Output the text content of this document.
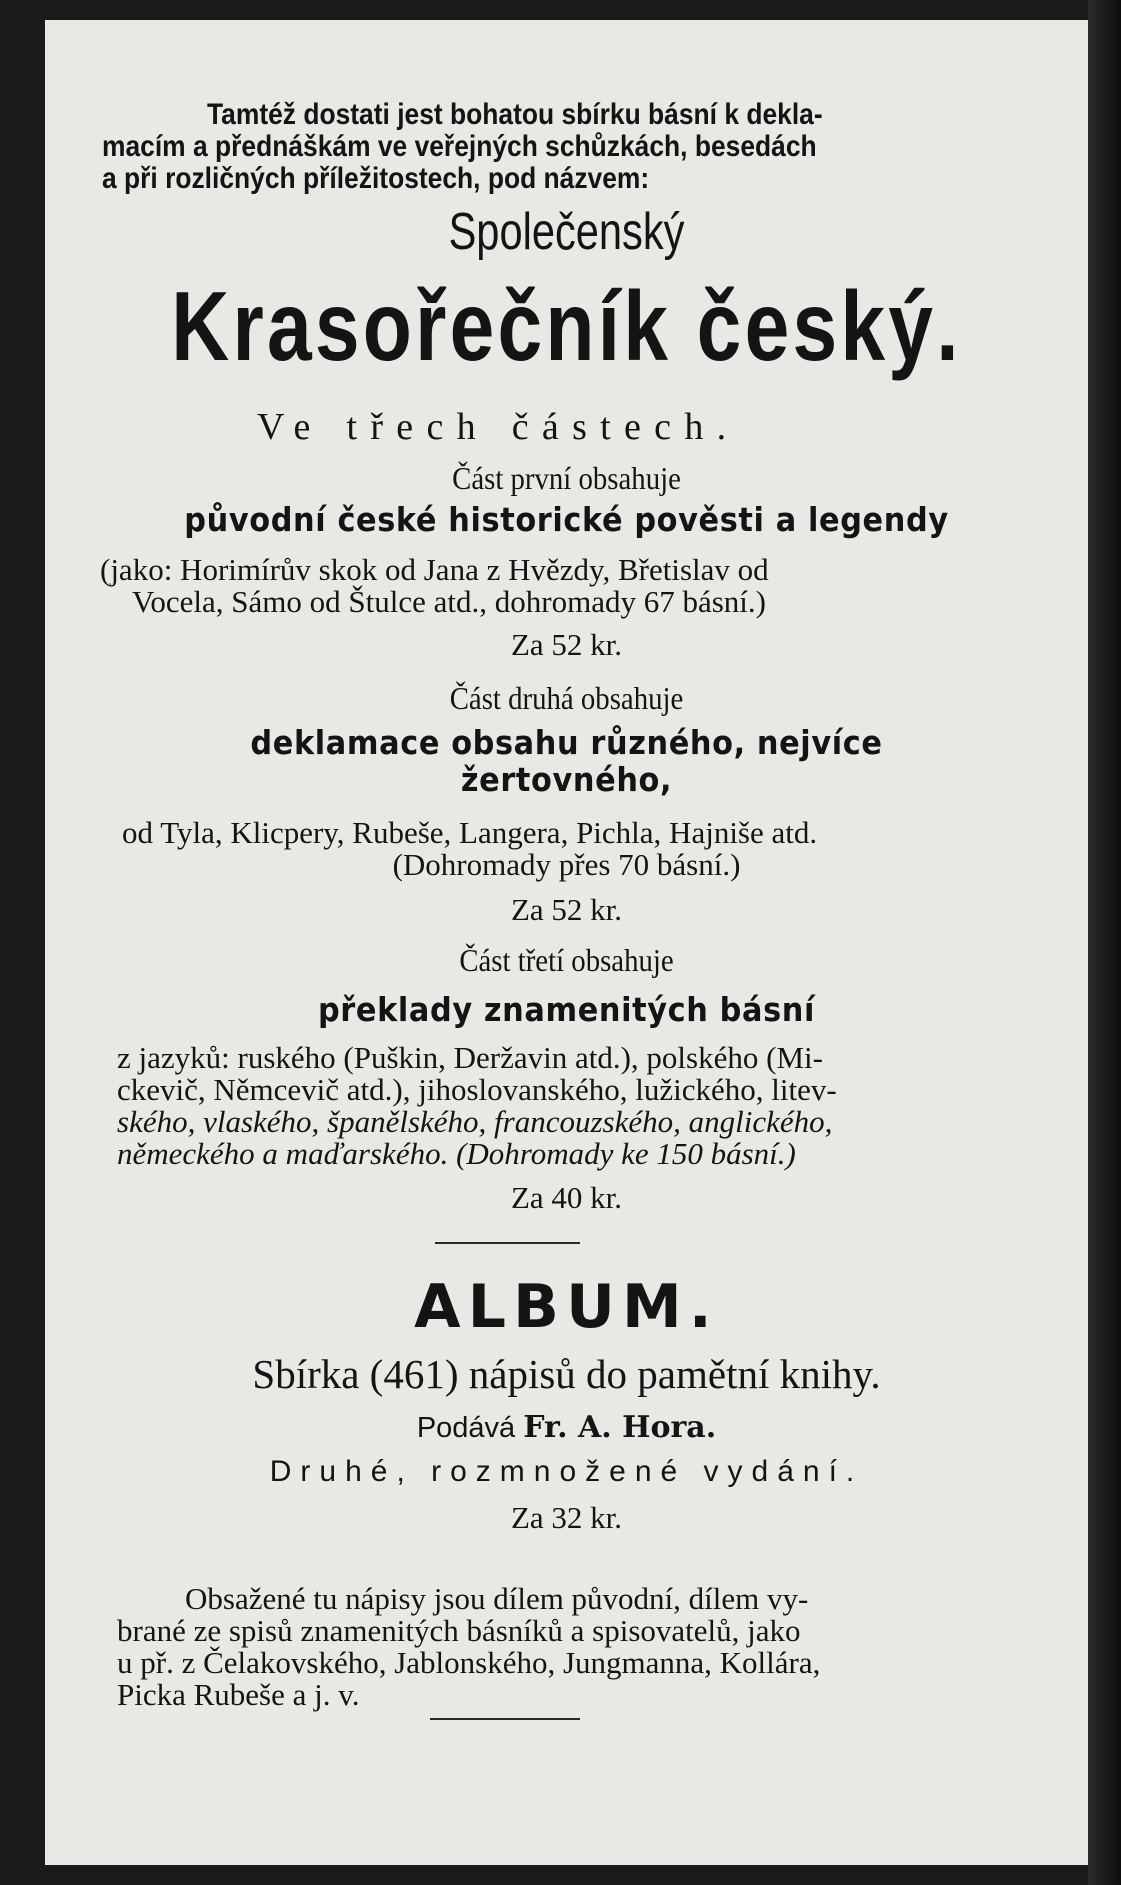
Tamtéž dostati jest bohatou sbírku básní k dekla-

macím a přednáškám ve veřejných schůzkách, besedách

a při rozličných příležitostech, pod názvem:

Společenský

Krasořečník český.

Ve třech částech.

Část první obsahuje

původní české historické pověsti a legendy

(jako: Horimírův skok od Jana z Hvězdy, Břetislav od

Vocela, Sámo od Štulce atd., dohromady 67 básní.)

Za 52 kr.

Část druhá obsahuje

deklamace obsahu různého, nejvíce

žertovného,

od Tyla, Klicpery, Rubeše, Langera, Pichla, Hajniše atd.

(Dohromady přes 70 básní.)

Za 52 kr.

Část třetí obsahuje

překlady znamenitých básní

z jazyků: ruského (Puškin, Deržavin atd.), polského (Mi-

ckevič, Němcevič atd.), jihoslovanského, lužického, litev-

ského, vlaského, španělského, francouzského, anglického,

německého a maďarského. (Dohromady ke 150 básní.)

Za 40 kr.

ALBUM.

Sbírka (461) nápisů do pamětní knihy.

Podává Fr. A. Hora.

Druhé, rozmnožené vydání.

Za 32 kr.

Obsažené tu nápisy jsou dílem původní, dílem vy-

brané ze spisů znamenitých básníků a spisovatelů, jako

u př. z Čelakovského, Jablonského, Jungmanna, Kollára,

Picka Rubeše a j. v.
